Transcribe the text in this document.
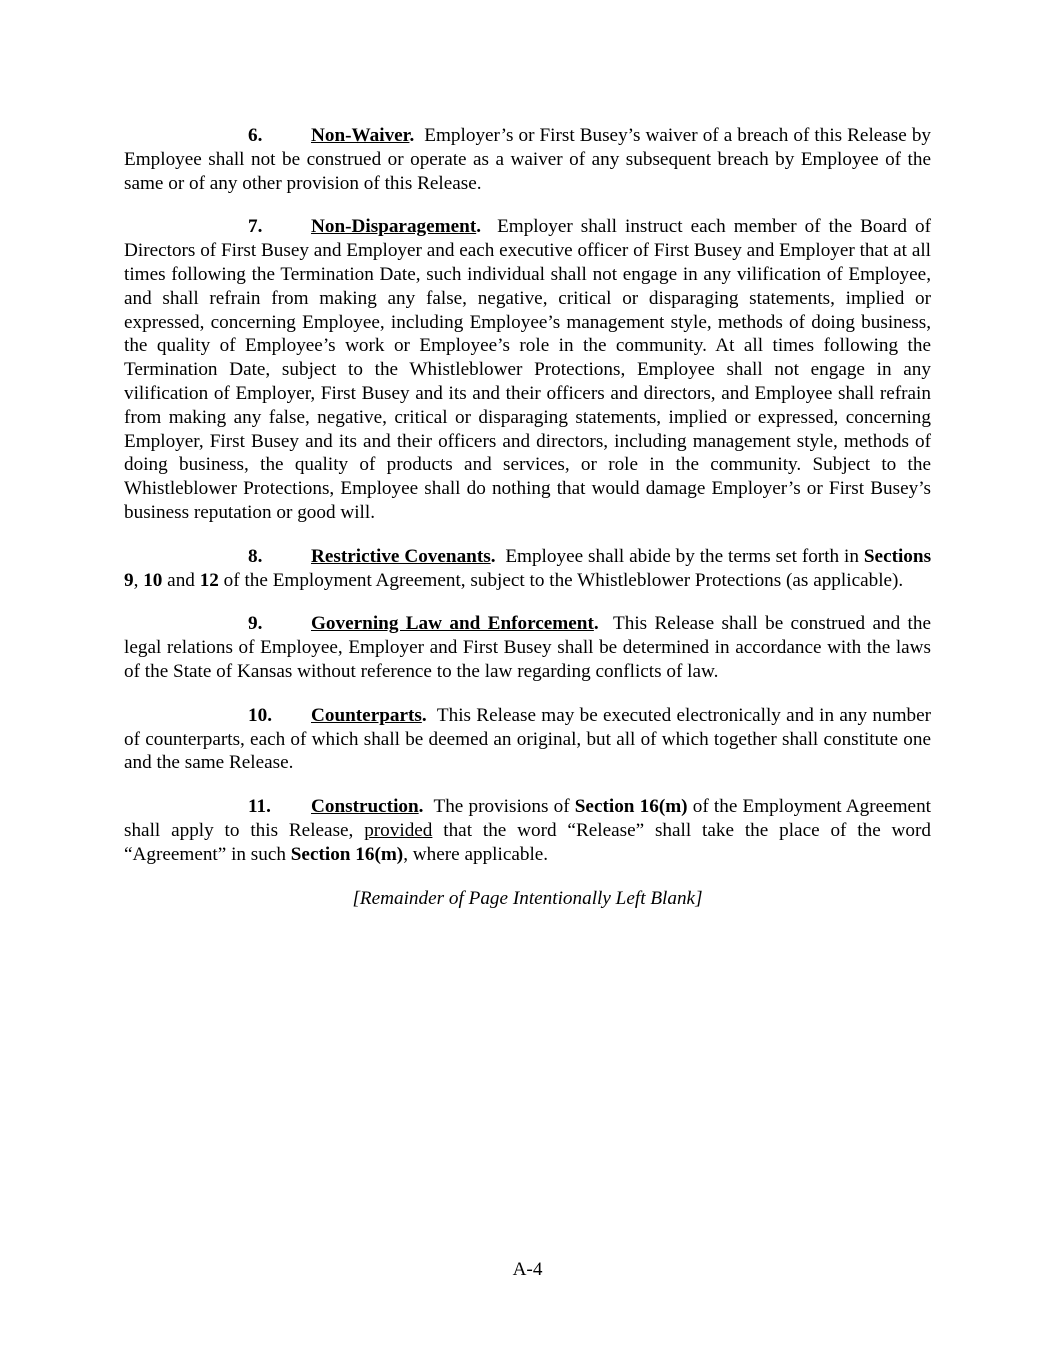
6.	Non-Waiver. Employer’s or First Busey’s waiver of a breach of this Release by Employee shall not be construed or operate as a waiver of any subsequent breach by Employee of the same or of any other provision of this Release.

7.	Non-Disparagement. Employer shall instruct each member of the Board of Directors of First Busey and Employer and each executive officer of First Busey and Employer that at all times following the Termination Date, such individual shall not engage in any vilification of Employee, and shall refrain from making any false, negative, critical or disparaging statements, implied or expressed, concerning Employee, including Employee’s management style, methods of doing business, the quality of Employee’s work or Employee’s role in the community. At all times following the Termination Date, subject to the Whistleblower Protections, Employee shall not engage in any vilification of Employer, First Busey and its and their officers and directors, and Employee shall refrain from making any false, negative, critical or disparaging statements, implied or expressed, concerning Employer, First Busey and its and their officers and directors, including management style, methods of doing business, the quality of products and services, or role in the community. Subject to the Whistleblower Protections, Employee shall do nothing that would damage Employer’s or First Busey’s business reputation or good will.

8.	Restrictive Covenants. Employee shall abide by the terms set forth in Sections 9, 10 and 12 of the Employment Agreement, subject to the Whistleblower Protections (as applicable).

9.	Governing Law and Enforcement. This Release shall be construed and the legal relations of Employee, Employer and First Busey shall be determined in accordance with the laws of the State of Kansas without reference to the law regarding conflicts of law.

10. Counterparts. This Release may be executed electronically and in any number of counterparts, each of which shall be deemed an original, but all of which together shall constitute one and the same Release.

11. Construction. The provisions of Section 16(m) of the Employment Agreement shall apply to this Release, provided that the word “Release” shall take the place of the word “Agreement” in such Section 16(m), where applicable.

[Remainder of Page Intentionally Left Blank]

A-4
